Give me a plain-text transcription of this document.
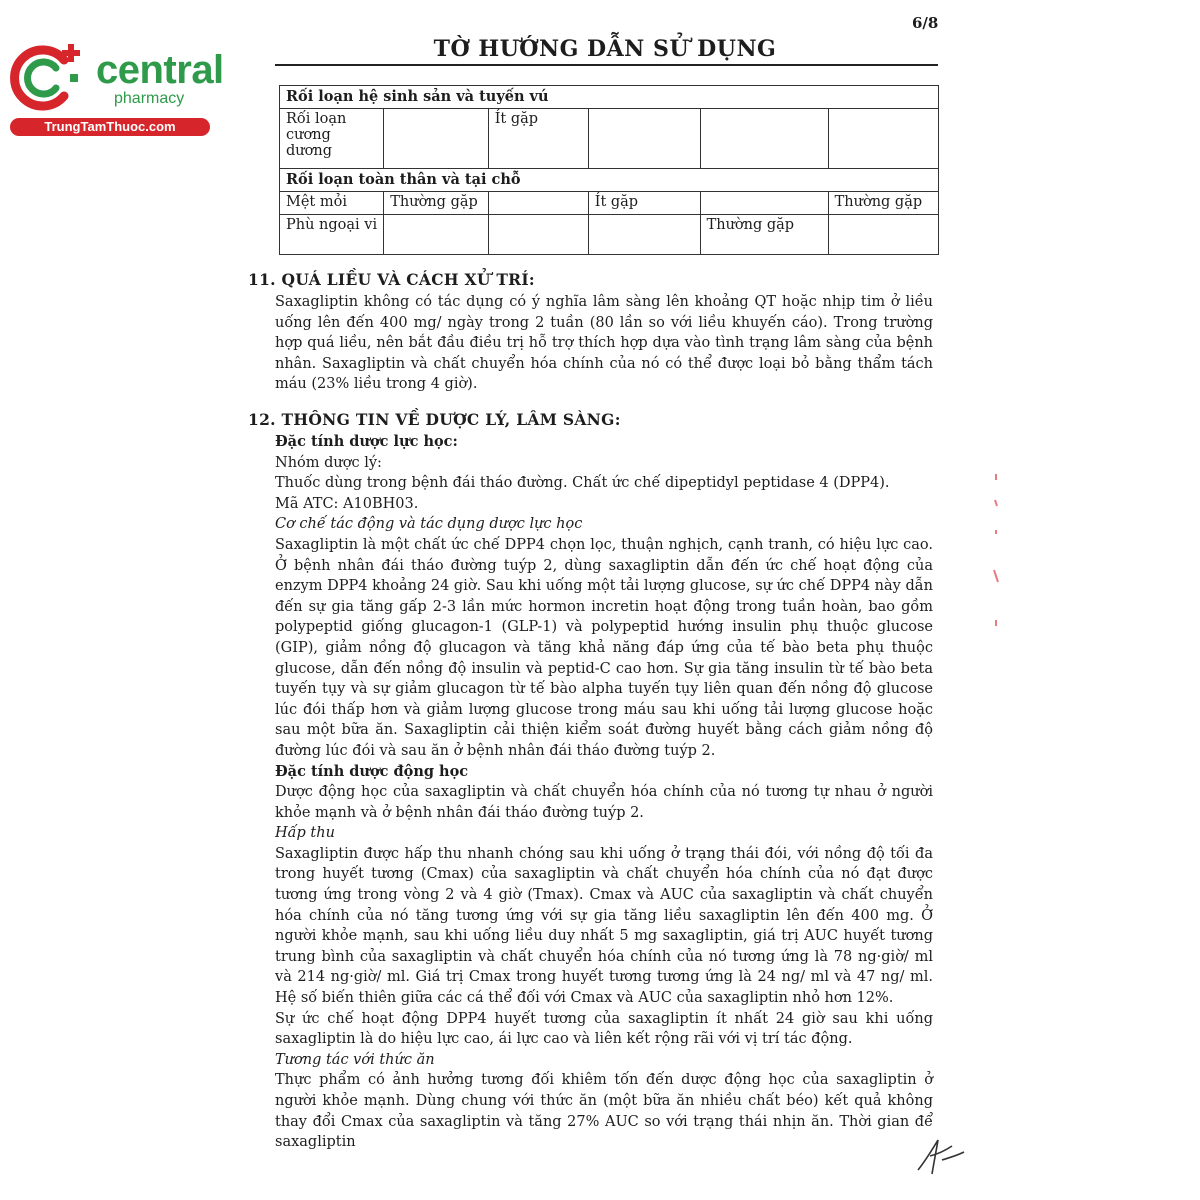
central
pharmacy
TrungTamThuoc.com
6/8
TỜ HƯỚNG DẪN SỬ DỤNG
Rối loạn hệ sinh sản và tuyến vú					
Rối loạn cương dương		Ít gặp			
Rối loạn toàn thân và tại chỗ					
Mệt mỏi	Thường gặp		Ít gặp		Thường gặp
Phù ngoại vi				Thường gặp	
11. QUÁ LIỀU VÀ CÁCH XỬ TRÍ:

Saxagliptin không có tác dụng có ý nghĩa lâm sàng lên khoảng QT hoặc nhịp tim ở liều uống lên đến 400 mg/ ngày trong 2 tuần (80 lần so với liều khuyến cáo). Trong trường hợp quá liều, nên bắt đầu điều trị hỗ trợ thích hợp dựa vào tình trạng lâm sàng của bệnh nhân. Saxagliptin và chất chuyển hóa chính của nó có thể được loại bỏ bằng thẩm tách máu (23% liều trong 4 giờ).

12. THÔNG TIN VỀ DƯỢC LÝ, LÂM SÀNG:

Đặc tính dược lực học:

Nhóm dược lý:

Thuốc dùng trong bệnh đái tháo đường. Chất ức chế dipeptidyl peptidase 4 (DPP4).

Mã ATC: A10BH03.

Cơ chế tác động và tác dụng dược lực học

Saxagliptin là một chất ức chế DPP4 chọn lọc, thuận nghịch, cạnh tranh, có hiệu lực cao. Ở bệnh nhân đái tháo đường tuýp 2, dùng saxagliptin dẫn đến ức chế hoạt động của enzym DPP4 khoảng 24 giờ. Sau khi uống một tải lượng glucose, sự ức chế DPP4 này dẫn đến sự gia tăng gấp 2-3 lần mức hormon incretin hoạt động trong tuần hoàn, bao gồm polypeptid giống glucagon-1 (GLP-1) và polypeptid hướng insulin phụ thuộc glucose (GIP), giảm nồng độ glucagon và tăng khả năng đáp ứng của tế bào beta phụ thuộc glucose, dẫn đến nồng độ insulin và peptid-C cao hơn. Sự gia tăng insulin từ tế bào beta tuyến tụy và sự giảm glucagon từ tế bào alpha tuyến tụy liên quan đến nồng độ glucose lúc đói thấp hơn và giảm lượng glucose trong máu sau khi uống tải lượng glucose hoặc sau một bữa ăn. Saxagliptin cải thiện kiểm soát đường huyết bằng cách giảm nồng độ đường lúc đói và sau ăn ở bệnh nhân đái tháo đường tuýp 2.

Đặc tính dược động học

Dược động học của saxagliptin và chất chuyển hóa chính của nó tương tự nhau ở người khỏe mạnh và ở bệnh nhân đái tháo đường tuýp 2.

Hấp thu

Saxagliptin được hấp thu nhanh chóng sau khi uống ở trạng thái đói, với nồng độ tối đa trong huyết tương (Cmax) của saxagliptin và chất chuyển hóa chính của nó đạt được tương ứng trong vòng 2 và 4 giờ (Tmax). Cmax và AUC của saxagliptin và chất chuyển hóa chính của nó tăng tương ứng với sự gia tăng liều saxagliptin lên đến 400 mg. Ở người khỏe mạnh, sau khi uống liều duy nhất 5 mg saxagliptin, giá trị AUC huyết tương trung bình của saxagliptin và chất chuyển hóa chính của nó tương ứng là 78 ng·giờ/ ml và 214 ng·giờ/ ml. Giá trị Cmax trong huyết tương tương ứng là 24 ng/ ml và 47 ng/ ml. Hệ số biến thiên giữa các cá thể đối với Cmax và AUC của saxagliptin nhỏ hơn 12%.

Sự ức chế hoạt động DPP4 huyết tương của saxagliptin ít nhất 24 giờ sau khi uống saxagliptin là do hiệu lực cao, ái lực cao và liên kết rộng rãi với vị trí tác động.

Tương tác với thức ăn

Thực phẩm có ảnh hưởng tương đối khiêm tốn đến dược động học của saxagliptin ở người khỏe mạnh. Dùng chung với thức ăn (một bữa ăn nhiều chất béo) kết quả không thay đổi Cmax của saxagliptin và tăng 27% AUC so với trạng thái nhịn ăn. Thời gian để saxagliptin
